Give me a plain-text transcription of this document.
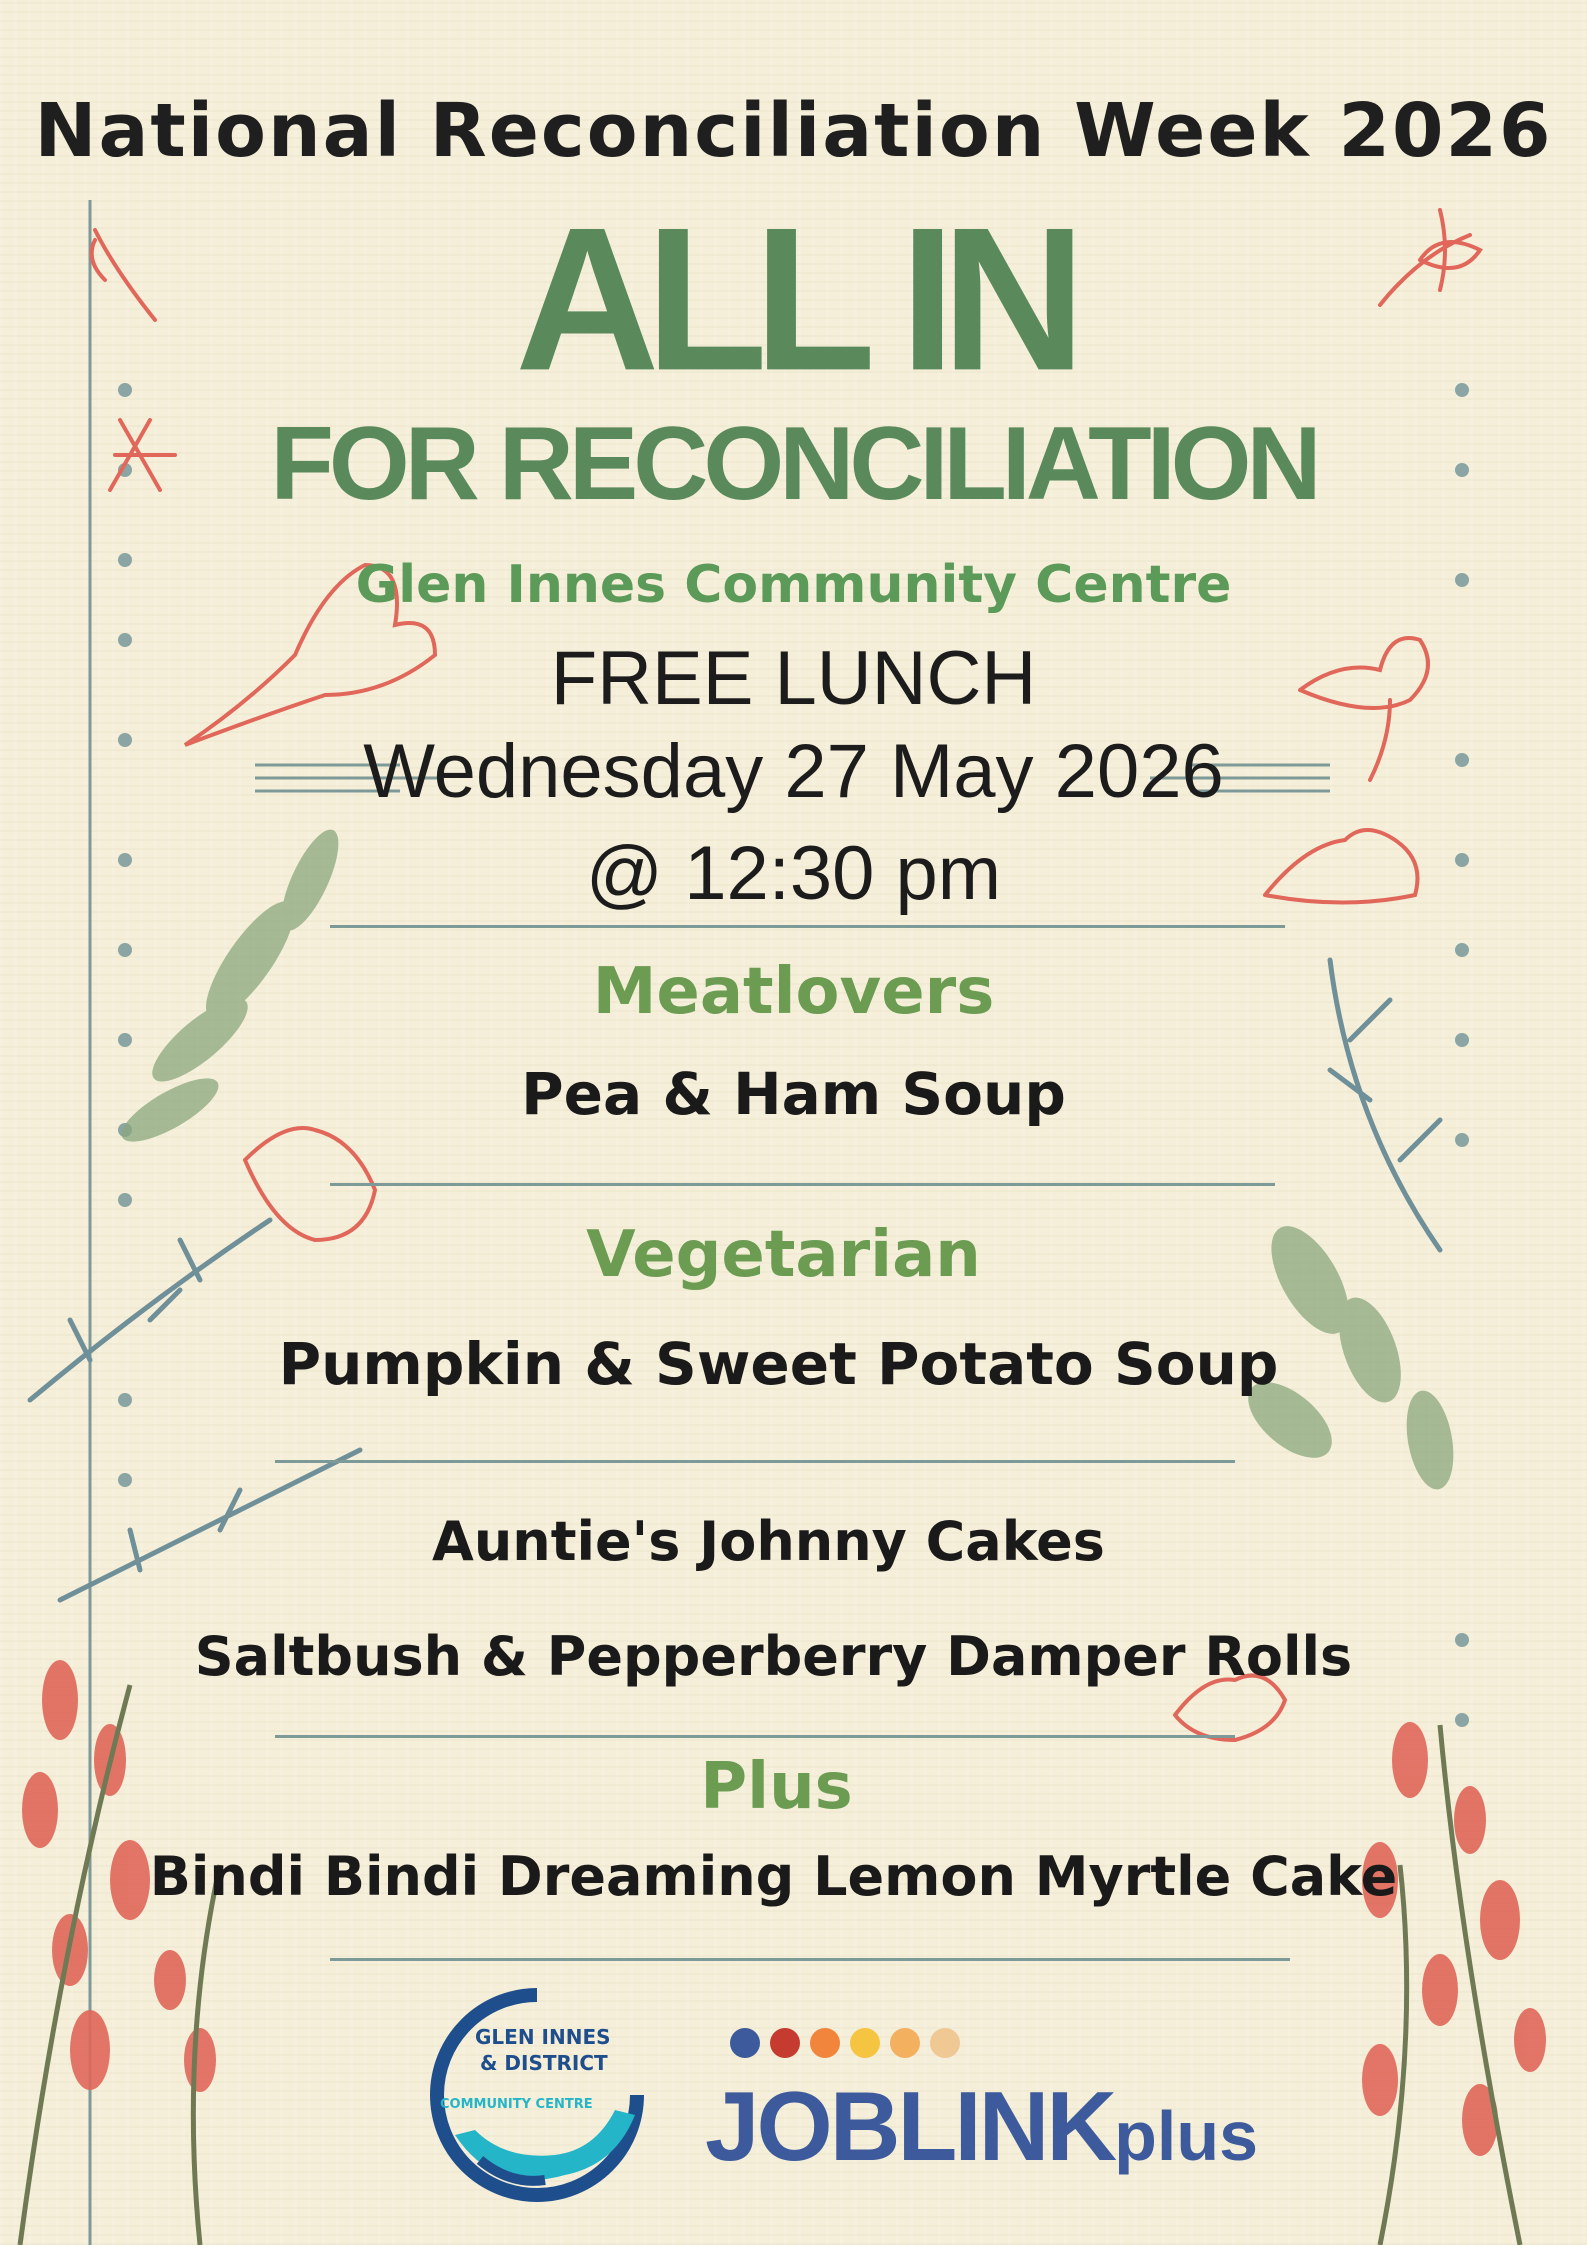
National Reconciliation Week 2026
ALL IN
FOR RECONCILIATION
Glen Innes Community Centre
FREE LUNCH
Wednesday 27 May 2026
@ 12:30 pm
Meatlovers
Pea & Ham Soup
Vegetarian
Pumpkin & Sweet Potato Soup
Auntie's Johnny Cakes
Saltbush & Pepperberry Damper Rolls
Plus
Bindi Bindi Dreaming Lemon Myrtle Cake
GLEN INNES
& DISTRICT
COMMUNITY CENTRE JOBLINKplus
